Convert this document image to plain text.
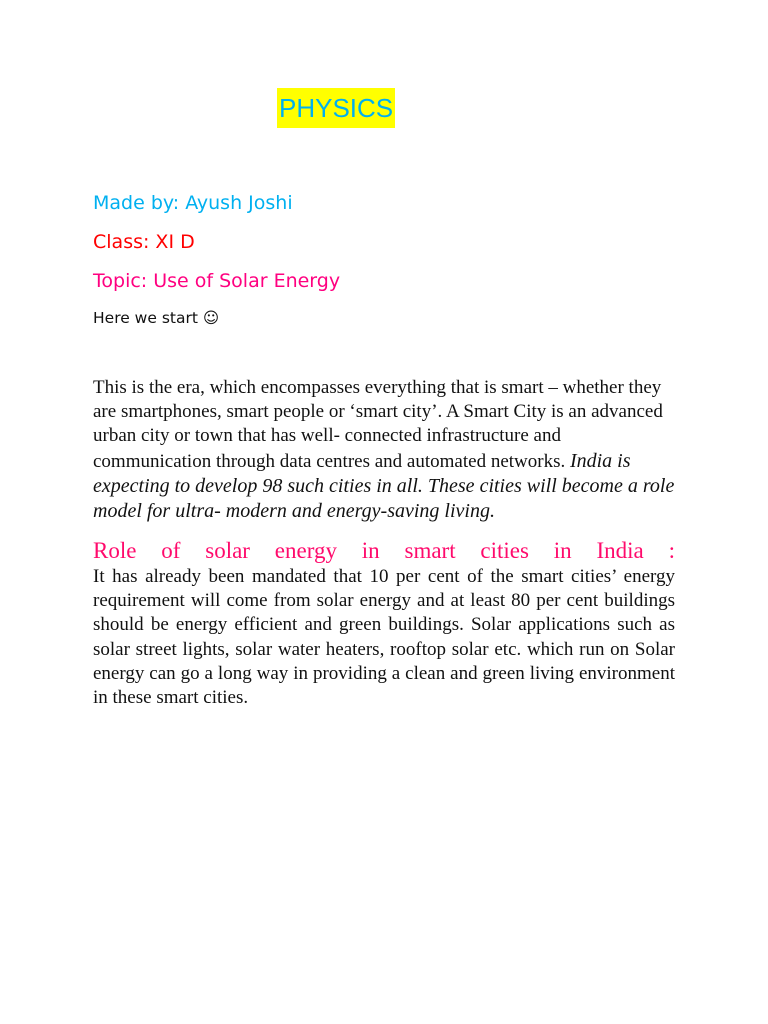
PHYSICS
Made by: Ayush Joshi
Class: XI D
Topic: Use of Solar Energy
Here we start ☺
This is the era, which encompasses everything that is smart – whether they are smartphones, smart people or ‘smart city’. A Smart City is an advanced urban city or town that has well- connected infrastructure and communication through data centres and automated networks. India is expecting to develop 98 such cities in all. These cities will become a role model for ultra- modern and energy-saving living.
Role of solar energy in smart cities in India :
It has already been mandated that 10 per cent of the smart cities’ energy requirement will come from solar energy and at least 80 per cent buildings should be energy efficient and green buildings. Solar applications such as solar street lights, solar water heaters, rooftop solar etc. which run on Solar energy can go a long way in providing a clean and green living environment in these smart cities.
